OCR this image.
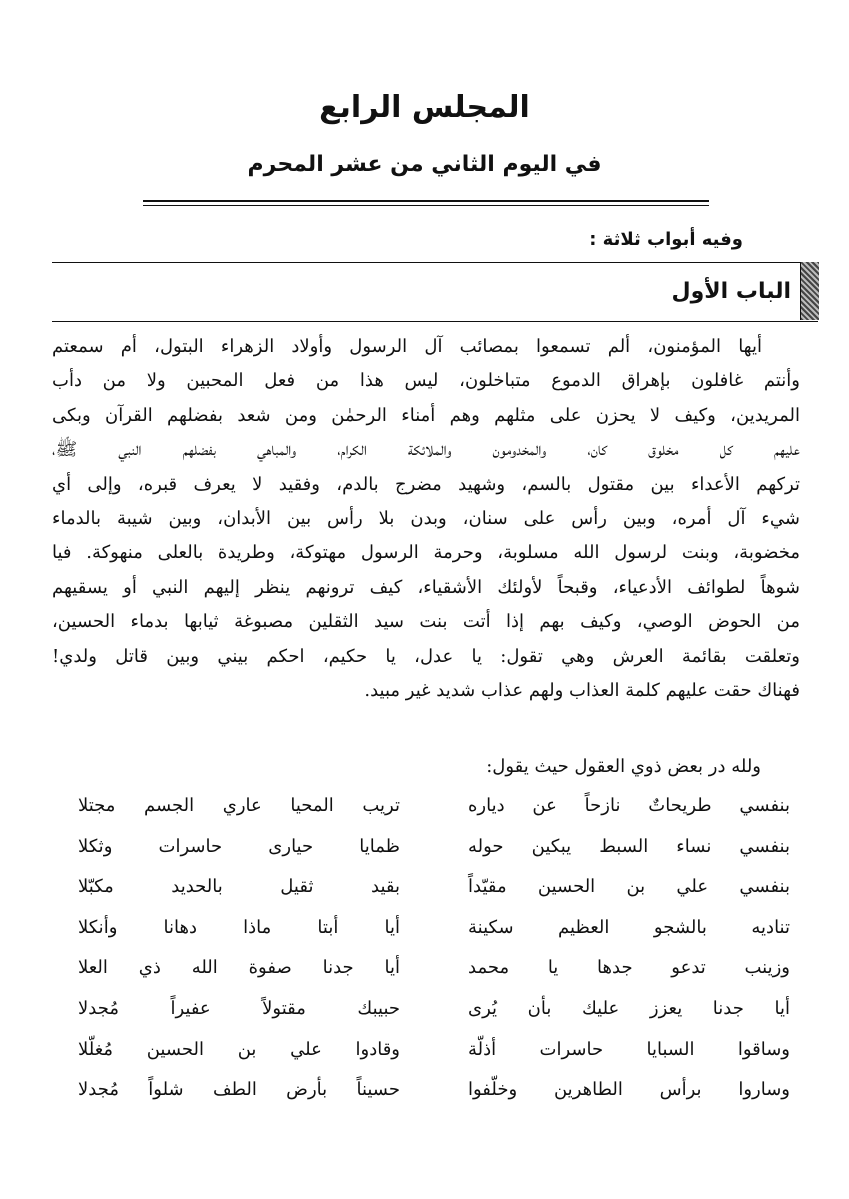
المجلس الرابع
في اليوم الثاني من عشر المحرم
وفيه أبواب ثلاثة :
الباب الأول
أيها المؤمنون، ألم تسمعوا بمصائب آل الرسول وأولاد الزهراء البتول، أم سمعتم
وأنتم غافلون بإهراق الدموع متباخلون، ليس هذا من فعل المحبين ولا من دأب
المريدين، وكيف لا يحزن على مثلهم وهم أمناء الرحمٰن ومن شعد بفضلهم القرآن وبكى
عليهم كل مخلوق كان، والمخدومون والملائكة الكرام، والمباهي بفضلهم النبي ﷺ،
تركهم الأعداء بين مقتول بالسم، وشهيد مضرج بالدم، وفقيد لا يعرف قبره، وإلى أي
شيء آل أمره، وبين رأس على سنان، وبدن بلا رأس بين الأبدان، وبين شيبة بالدماء
مخضوبة، وبنت لرسول الله مسلوبة، وحرمة الرسول مهتوكة، وطريدة بالعلى منهوكة. فيا
شوهاً لطوائف الأدعياء، وقبحاً لأولئك الأشقياء، كيف ترونهم ينظر إليهم النبي أو يسقيهم
من الحوض الوصي، وكيف بهم إذا أتت بنت سيد الثقلين مصبوغة ثيابها بدماء الحسين،
وتعلقت بقائمة العرش وهي تقول: يا عدل، يا حكيم، احكم بيني وبين قاتل ولدي!
فهناك حقت عليهم كلمة العذاب ولهم عذاب شديد غير مبيد.
ولله در بعض ذوي العقول حيث يقول:
بنفسي طريحاتٌ نازحاً عن دياره
تريب المحيا عاري الجسم مجتلا
بنفسي نساء السبط يبكين حوله
ظمايا حيارى حاسرات وثكلا
بنفسي علي بن الحسين مقيّداً
بقيد ثقيل بالحديد مكبّلا
تناديه بالشجو العظيم سكينة
أيا أبتا ماذا دهانا وأنكلا
وزينب تدعو جدها يا محمد
أيا جدنا صفوة الله ذي العلا
أيا جدنا يعزز عليك بأن يُرى
حبيبك مقتولاً عفيراً مُجدلا
وساقوا السبايا حاسرات أذلّة
وقادوا علي بن الحسين مُغلّلا
وساروا برأس الطاهرين وخلّفوا
حسيناً بأرض الطف شلواً مُجدلا
